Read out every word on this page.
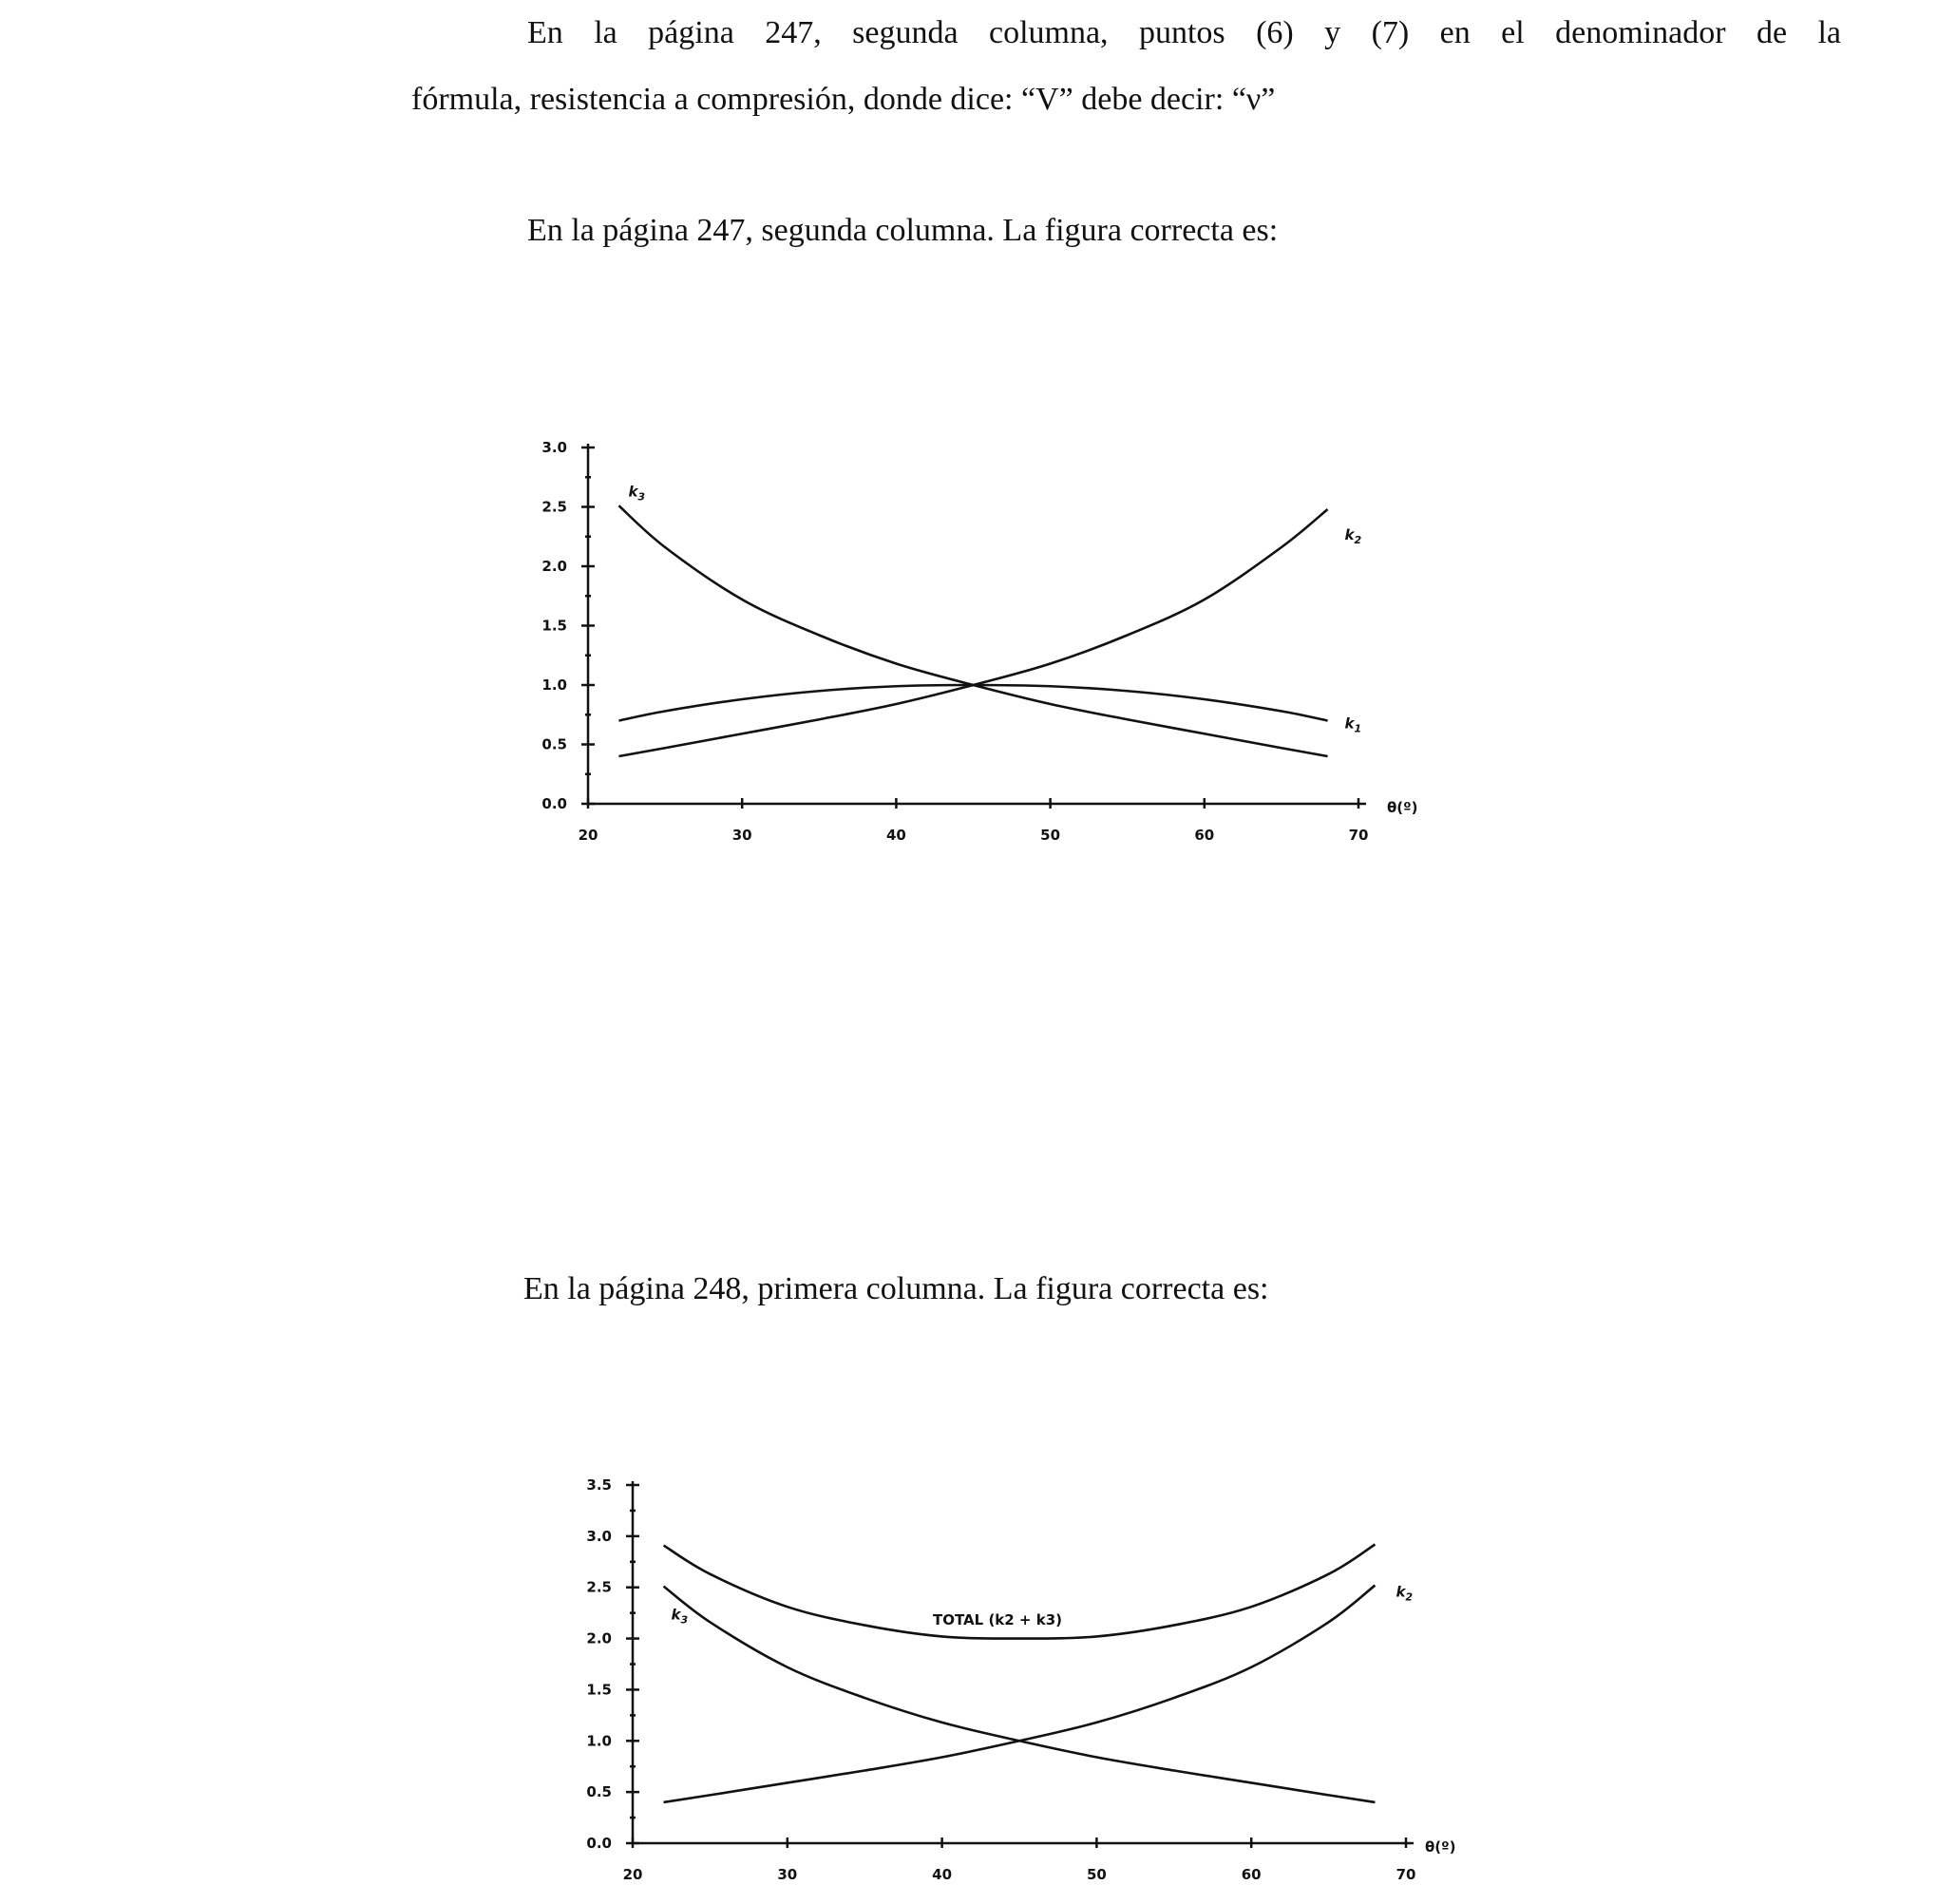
En la página 247, segunda columna, puntos (6) y (7) en el denominador de la

fórmula, resistencia a compresión, donde dice: “V” debe decir: “ν”

En la página 247, segunda columna. La figura correcta es:

0.0
0.5
1.0
1.5
2.0
2.5
3.0
20	30	40	50	60	70
θ(º)
$k_3$
$k_2$
$k_1$

En la página 248, primera columna. La figura correcta es:

0.0
0.5
1.0
1.5
2.0
2.5
3.0
3.5
20	30	40	50	60	70
θ(º)
$k_3$
$k_2$
TOTAL (k2 + k3)
